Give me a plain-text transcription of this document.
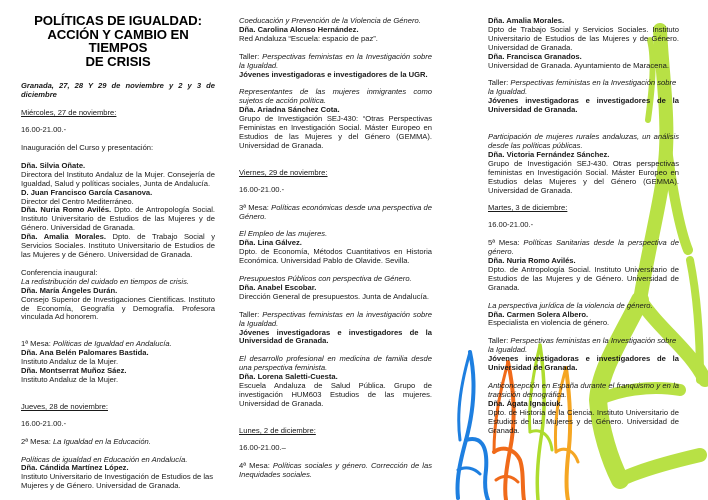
POLÍTICAS DE IGUALDAD:
ACCIÓN Y CAMBIO EN TIEMPOS
DE CRISIS
Granada, 27, 28 Y 29 de noviembre y 2 y 3 de diciembre
Miércoles, 27 de noviembre:
16.00-21.00.-
Inauguración del Curso y presentación:

Dña. Silvia Oñate.

Directora del Instituto Andaluz de la Mujer. Consejería de Igualdad, Salud y políticas sociales, Junta de Andalucía.

D. Juan Francisco García Casanova.

Director del Centro Mediterráneo.

Dña. Nuria Romo Avilés. Dpto. de Antropología Social. Instituto Universitario de Estudios de las Mujeres y de Género. Universidad de Granada.

Dña. Amalia Morales. Dpto. de Trabajo Social y Servicios Sociales. Instituto Universitario de Estudios de las Mujeres y de Género. Universidad de Granada.

Conferencia inaugural:

La redistribución del cuidado en tiempos de crisis.

Dña. María Ángeles Durán.

Consejo Superior de Investigaciones Científicas. Instituto de Economía, Geografía y Demografía. Profesora vinculada Ad honorem.

1ª Mesa: Políticas de Igualdad en Andalucía.

Dña. Ana Belén Palomares Bastida.

Instituto Andaluz de la Mujer.

Dña. Montserrat Muñoz Sáez.

Instituto Andaluz de la Mujer.

Jueves, 28 de noviembre:
16.00-21.00.-
2ª Mesa: La Igualdad en la Educación.

Políticas de igualdad en Educación en Andalucía.

Dña. Cándida Martínez López.

Instituto Universitario de Investigación de Estudios de las Mujeres y de Género. Universidad de Granada.

Coeducación y Prevención de la Violencia de Género.

Dña. Carolina Alonso Hernández.

Red Andaluza “Escuela: espacio de paz”.

Taller: Perspectivas feministas en la Investigación sobre la Igualdad.

Jóvenes investigadoras e investigadores de la UGR.

Representantes de las mujeres inmigrantes como sujetos de acción política.

Dña. Ariadna Sánchez Cota.

Grupo de Investigación SEJ-430: “Otras Perspectivas Feministas en Investigación Social. Máster Europeo en Estudios de las Mujeres y del Género (GEMMA). Universidad de Granada.

Viernes, 29 de noviembre:
16.00-21.00.-
3ª Mesa: Políticas económicas desde una perspectiva de Género.

El Empleo de las mujeres.

Dña. Lina Gálvez.

Dpto. de Economía, Métodos Cuantitativos en Historia Económica. Universidad Pablo de Olavide. Sevilla.

Presupuestos Públicos con perspectiva de Género.

Dña. Anabel Escobar.

Dirección General de presupuestos. Junta de Andalucía.

Taller: Perspectivas feministas en la investigación sobre la Igualdad.

Jóvenes investigadoras e investigadores de la

Universidad de Granada.

El desarrollo profesional en medicina de familia desde una perspectiva feminista.

Dña. Lorena Saletti-Cuesta.

Escuela Andaluza de Salud Pública. Grupo de investigación HUM603 Estudios de las mujeres. Universidad de Granada.

Lunes, 2 de diciembre:
16.00-21.00.–
4ª Mesa: Políticas sociales y género. Corrección de las Inequidades sociales.

Dña. Amalia Morales.

Dpto de Trabajo Social y Servicios Sociales. Instituto Universitario de Estudios de las Mujeres y de Género. Universidad de Granada.

Dña. Francisca Granados.

Universidad de Granada. Ayuntamiento de Maracena.

Taller: Perspectivas feministas en la Investigación sobre la Igualdad.

Jóvenes investigadoras e investigadores de la

Universidad de Granada.

Participación de mujeres rurales andaluzas, un análisis desde las políticas públicas.

Dña. Victoria Fernández Sánchez.

Grupo de Investigación SEJ-430. Otras perspectivas feministas en Investigación Social. Máster Europeo en Estudios delas Mujeres y del Género (GEMMA). Universidad de Granada.

Martes, 3 de diciembre:
16.00-21.00.-
5ª Mesa: Políticas Sanitarias desde la perspectiva de género.

Dña. Nuria Romo Avilés.

Dpto. de Antropología Social. Instituto Universitario de Estudios de las Mujeres y de Género. Universidad de Granada.

La perspectiva jurídica de la violencia de género.

Dña. Carmen Solera Albero.

Especialista en violencia de género.

Taller: Perspectivas feministas en la Investigación sobre la Igualdad.

Jóvenes investigadoras e investigadores de la

Universidad de Granada.

Anticoncepción en España durante el franquismo y en la transición demográfica.

Dña. Ágata Ignaciuk.

Dpto. de Historia de la Ciencia. Instituto Universitario de Estudios de las Mujeres y de Género. Universidad de Granada.
